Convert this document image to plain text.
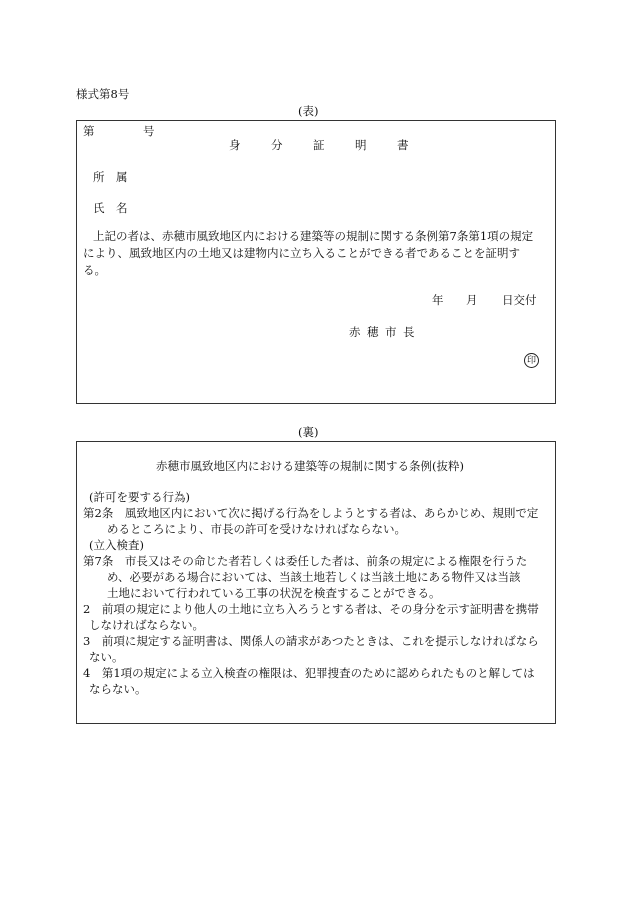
様式第8号
(表)
第	号
身	分	証	明	書
所　属
氏　名
上記の者は、赤穂市風致地区内における建築等の規制に関する条例第7条第1項の規定
により、風致地区内の土地又は建物内に立ち入ることができる者であることを証明す
る。
年 月 日交付
赤 穂 市 長
印
(裏)
赤穂市風致地区内における建築等の規制に関する条例(抜粋)
(許可を要する行為)
第2条　風致地区内において次に掲げる行為をしようとする者は、あらかじめ、規則で定
めるところにより、市長の許可を受けなければならない。
(立入検査)
第7条　市長又はその命じた者若しくは委任した者は、前条の規定による権限を行うた
め、必要がある場合においては、当該土地若しくは当該土地にある物件又は当該
土地において行われている工事の状況を検査することができる。
2　前項の規定により他人の土地に立ち入ろうとする者は、その身分を示す証明書を携帯
しなければならない。
3　前項に規定する証明書は、関係人の請求があつたときは、これを提示しなければなら
ない。
4　第1項の規定による立入検査の権限は、犯罪捜査のために認められたものと解しては
ならない。
